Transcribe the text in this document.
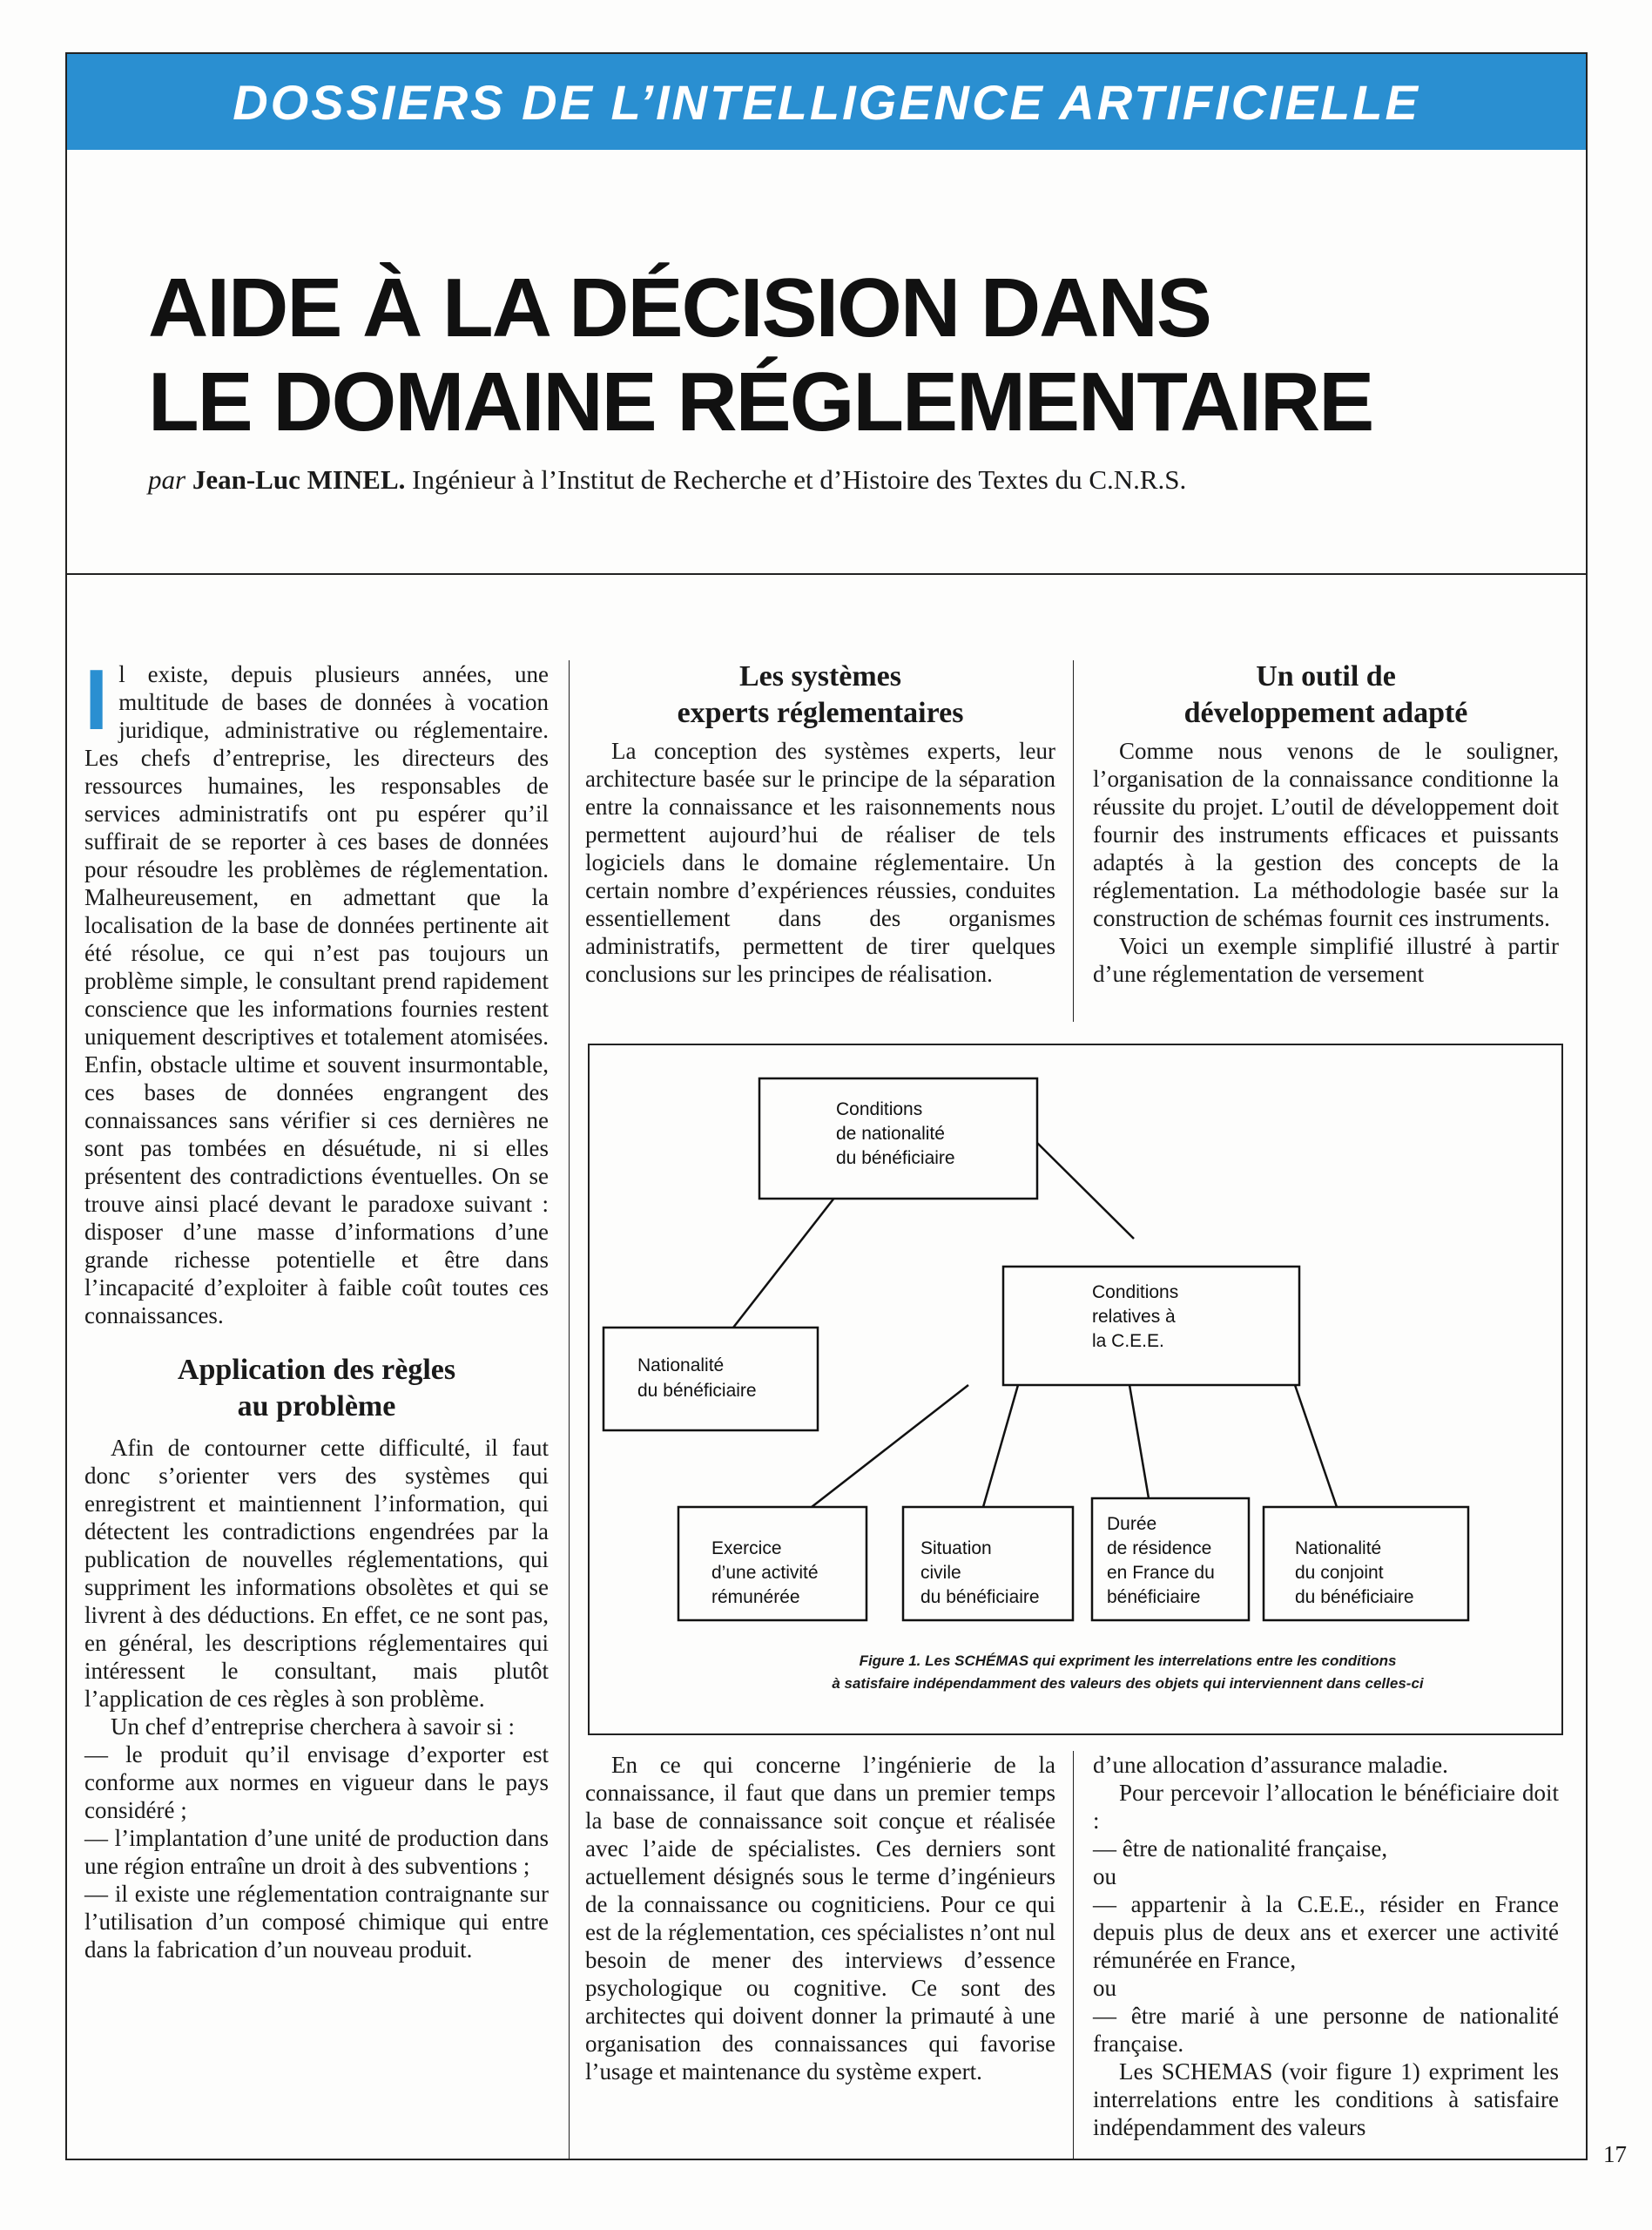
DOSSIERS DE L’INTELLIGENCE ARTIFICIELLE
AIDE À LA DÉCISION DANS
LE DOMAINE RÉGLEMENTAIRE
par Jean-Luc MINEL. Ingénieur à l’Institut de Recherche et d’Histoire des Textes du C.N.R.S.

Il existe, depuis plusieurs années, une multitude de bases de données à vocation juridique, administrative ou réglementaire. Les chefs d’entreprise, les directeurs des ressources humaines, les responsables de services administratifs ont pu espérer qu’il suffirait de se reporter à ces bases de données pour résoudre les problèmes de réglementation. Malheureusement, en admettant que la localisation de la base de données pertinente ait été résolue, ce qui n’est pas toujours un problème simple, le consultant prend rapidement conscience que les informations fournies restent uniquement descriptives et totalement atomisées. Enfin, obstacle ultime et souvent insurmontable, ces bases de données engrangent des connaissances sans vérifier si ces dernières ne sont pas tombées en désuétude, ni si elles présentent des contradictions éventuelles. On se trouve ainsi placé devant le paradoxe suivant : disposer d’une masse d’informations d’une grande richesse potentielle et être dans l’incapacité d’exploiter à faible coût toutes ces connaissances.

Application des règles
au problème

Afin de contourner cette difficulté, il faut donc s’orienter vers des systèmes qui enregistrent et maintiennent l’information, qui détectent les contradictions engendrées par la publication de nouvelles réglementations, qui suppriment les informations obsolètes et qui se livrent à des déductions. En effet, ce ne sont pas, en général, les descriptions réglementaires qui intéressent le consultant, mais plutôt l’application de ces règles à son problème.

Un chef d’entreprise cherchera à savoir si :

— le produit qu’il envisage d’exporter est conforme aux normes en vigueur dans le pays considéré ;

— l’implantation d’une unité de production dans une région entraîne un droit à des subventions ;

— il existe une réglementation contraignante sur l’utilisation d’un composé chimique qui entre dans la fabrication d’un nouveau produit.

Les systèmes
experts réglementaires

La conception des systèmes experts, leur architecture basée sur le principe de la séparation entre la connaissance et les raisonnements nous permettent aujourd’hui de réaliser de tels logiciels dans le domaine réglementaire. Un certain nombre d’expériences réussies, conduites essentiellement dans des organismes administratifs, permettent de tirer quelques conclusions sur les principes de réalisation.

En ce qui concerne l’ingénierie de la connaissance, il faut que dans un premier temps la base de connaissance soit conçue et réalisée avec l’aide de spécialistes. Ces derniers sont actuellement désignés sous le terme d’ingénieurs de la connaissance ou cogniticiens. Pour ce qui est de la réglementation, ces spécialistes n’ont nul besoin de mener des interviews d’essence psychologique ou cognitive. Ce sont des architectes qui doivent donner la primauté à une organisation des connaissances qui favorise l’usage et maintenance du système expert.

Un outil de
développement adapté

Comme nous venons de le souligner, l’organisation de la connaissance conditionne la réussite du projet. L’outil de développement doit fournir des instruments efficaces et puissants adaptés à la gestion des concepts de la réglementation. La méthodologie basée sur la construction de schémas fournit ces instruments.

Voici un exemple simplifié illustré à partir d’une réglementation de versement

d’une allocation d’assurance maladie.

Pour percevoir l’allocation le bénéficiaire doit :

— être de nationalité française,

ou

— appartenir à la C.E.E., résider en France depuis plus de deux ans et exercer une activité rémunérée en France,

ou

— être marié à une personne de nationalité française.

Les SCHEMAS (voir figure 1) expriment les interrelations entre les conditions à satisfaire indépendamment des valeurs

Conditions de nationalité du bénéficiaire
Conditions relatives à la C.E.E.
Nationalité du bénéficiaire
Exercice d’une activité rémunérée
Situation civile du bénéficiaire
Durée de résidence en France du bénéficiaire
Nationalité du conjoint du bénéficiaire
Figure 1. Les SCHÉMAS qui expriment les interrelations entre les conditions
à satisfaire indépendamment des valeurs des objets qui interviennent dans celles-ci
17
